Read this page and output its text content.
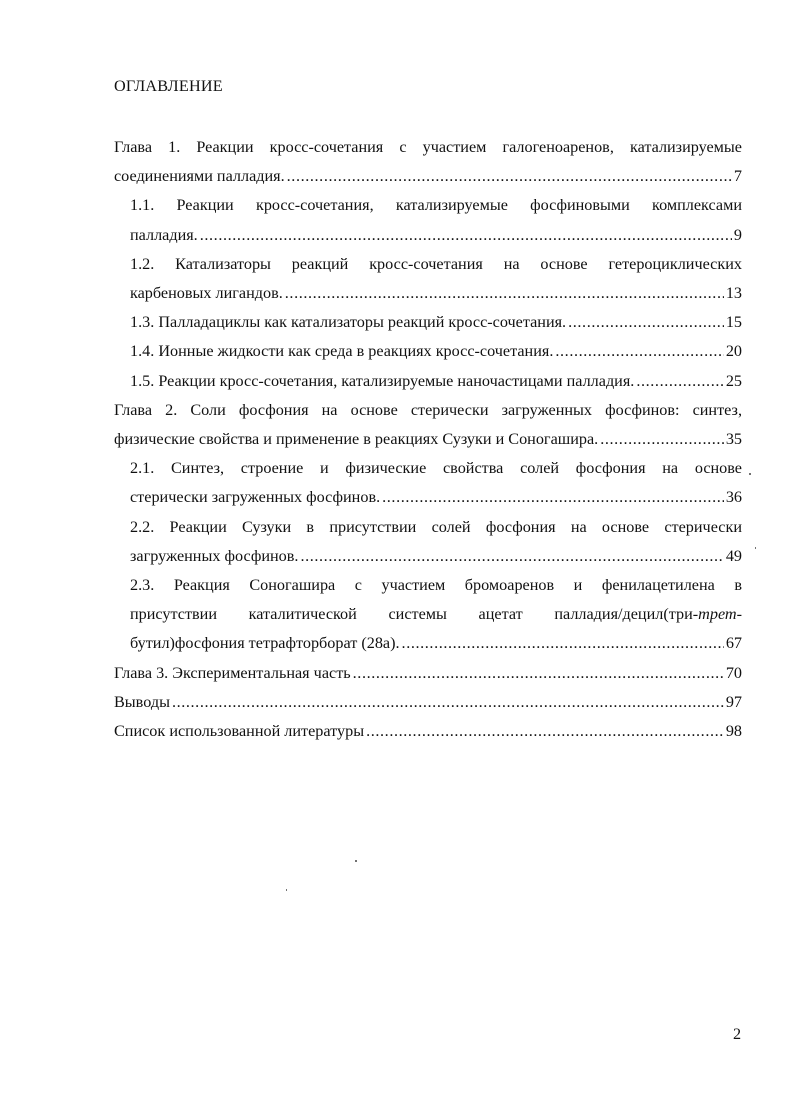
ОГЛАВЛЕНИЕ
Глава 1. Реакции кросс-сочетания с участием галогеноаренов, катализируемые
соединениями палладия. .....	7
1.1. Реакции кросс-сочетания, катализируемые фосфиновыми комплексами
палладия. .....	9
1.2. Катализаторы реакций кросс-сочетания на основе гетероциклических
карбеновых лигандов. .....	13
1.3. Палладациклы как катализаторы реакций кросс-сочетания. .....	15
1.4. Ионные жидкости как среда в реакциях кросс-сочетания. .....	20
1.5. Реакции кросс-сочетания, катализируемые наночастицами палладия. .....	25
Глава 2. Соли фосфония на основе стерически загруженных фосфинов: синтез,
физические свойства и применение в реакциях Сузуки и Соногашира. .....	35
2.1. Синтез, строение и физические свойства солей фосфония на основе
стерически загруженных фосфинов. .....	36
2.2. Реакции Сузуки в присутствии солей фосфония на основе стерически
загруженных фосфинов. .....	49
2.3. Реакция Соногашира с участием бромоаренов и фенилацетилена в
присутствии каталитической системы ацетат палладия/децил(три-трет-
бутил)фосфония тетрафторборат (28а). .....	67
Глава 3. Экспериментальная часть .....	70
Выводы .....	97
Список использованной литературы .....	98
2
